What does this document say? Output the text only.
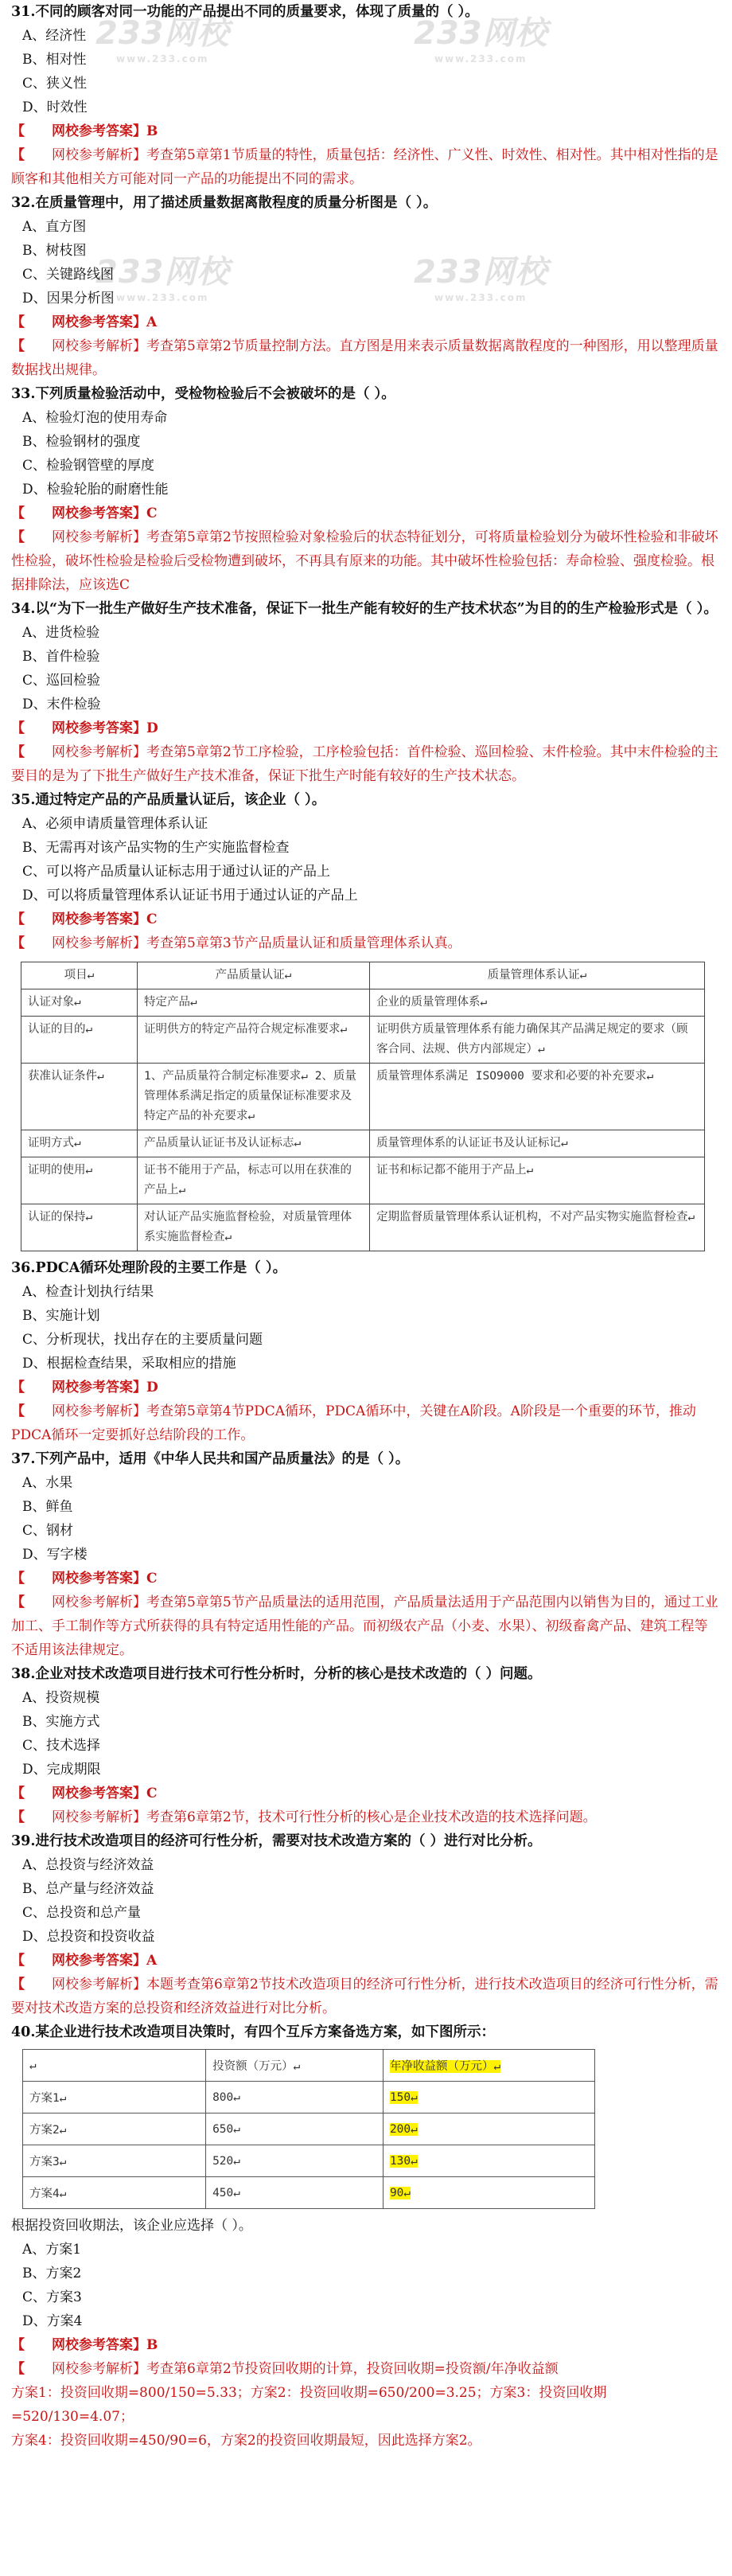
233网校
www.233.com
233网校
www.233.com
233网校
www.233.com
233网校
www.233.com

31.不同的顾客对同一功能的产品提出不同的质量要求，体现了质量的（ ）。

A、经济性

B、相对性

C、狭义性

D、时效性

【   网校参考答案】B

【   网校参考解析】考查第5章第1节质量的特性，质量包括：经济性、广义性、时效性、相对性。其中相对性指的是顾客和其他相关方可能对同一产品的功能提出不同的需求。

32.在质量管理中，用了描述质量数据离散程度的质量分析图是（ ）。

A、直方图

B、树枝图

C、关键路线图

D、因果分析图

【   网校参考答案】A

【   网校参考解析】考查第5章第2节质量控制方法。直方图是用来表示质量数据离散程度的一种图形，用以整理质量数据找出规律。

33.下列质量检验活动中，受检物检验后不会被破坏的是（ ）。

A、检验灯泡的使用寿命

B、检验钢材的强度

C、检验钢管壁的厚度

D、检验轮胎的耐磨性能

【   网校参考答案】C

【   网校参考解析】考查第5章第2节按照检验对象检验后的状态特征划分，可将质量检验划分为破坏性检验和非破坏性检验，破坏性检验是检验后受检物遭到破坏，不再具有原来的功能。其中破坏性检验包括：寿命检验、强度检验。根据排除法，应该选C

34.以“为下一批生产做好生产技术准备，保证下一批生产能有较好的生产技术状态”为目的的生产检验形式是（ ）。

A、进货检验

B、首件检验

C、巡回检验

D、末件检验

【   网校参考答案】D

【   网校参考解析】考查第5章第2节工序检验，工序检验包括：首件检验、巡回检验、末件检验。其中末件检验的主要目的是为了下批生产做好生产技术准备，保证下批生产时能有较好的生产技术状态。

35.通过特定产品的产品质量认证后，该企业（ ）。

A、必须申请质量管理体系认证

B、无需再对该产品实物的生产实施监督检查

C、可以将产品质量认证标志用于通过认证的产品上

D、可以将质量管理体系认证证书用于通过认证的产品上

【   网校参考答案】C

【   网校参考解析】考查第5章第3节产品质量认证和质量管理体系认真。

项目↵	产品质量认证↵	质量管理体系认证↵
认证对象↵	特定产品↵	企业的质量管理体系↵
认证的目的↵	证明供方的特定产品符合规定标准要求↵	证明供方质量管理体系有能力确保其产品满足规定的要求（顾客合同、法规、供方内部规定）↵
获准认证条件↵	1、产品质量符合制定标准要求↵ 2、质量管理体系满足指定的质量保证标准要求及特定产品的补充要求↵	质量管理体系满足 ISO9000 要求和必要的补充要求↵
证明方式↵	产品质量认证证书及认证标志↵	质量管理体系的认证证书及认证标记↵
证明的使用↵	证书不能用于产品，标志可以用在获准的产品上↵	证书和标记都不能用于产品上↵
认证的保持↵	对认证产品实施监督检验，对质量管理体系实施监督检查↵	定期监督质量管理体系认证机构，不对产品实物实施监督检查↵

36.PDCA循环处理阶段的主要工作是（ ）。

A、检查计划执行结果

B、实施计划

C、分析现状，找出存在的主要质量问题

D、根据检查结果，采取相应的措施

【   网校参考答案】D

【   网校参考解析】考查第5章第4节PDCA循环，PDCA循环中，关键在A阶段。A阶段是一个重要的环节，推动PDCA循环一定要抓好总结阶段的工作。

37.下列产品中，适用《中华人民共和国产品质量法》的是（ ）。

A、水果

B、鲜鱼

C、钢材

D、写字楼

【   网校参考答案】C

【   网校参考解析】考查第5章第5节产品质量法的适用范围，产品质量法适用于产品范围内以销售为目的，通过工业加工、手工制作等方式所获得的具有特定适用性能的产品。而初级农产品（小麦、水果）、初级畜禽产品、建筑工程等不适用该法律规定。

38.企业对技术改造项目进行技术可行性分析时，分析的核心是技术改造的（ ）问题。

A、投资规模

B、实施方式

C、技术选择

D、完成期限

【   网校参考答案】C

【   网校参考解析】考查第6章第2节，技术可行性分析的核心是企业技术改造的技术选择问题。

39.进行技术改造项目的经济可行性分析，需要对技术改造方案的（ ）进行对比分析。

A、总投资与经济效益

B、总产量与经济效益

C、总投资和总产量

D、总投资和投资收益

【   网校参考答案】A

【   网校参考解析】本题考查第6章第2节技术改造项目的经济可行性分析，进行技术改造项目的经济可行性分析，需要对技术改造方案的总投资和经济效益进行对比分析。

40.某企业进行技术改造项目决策时，有四个互斥方案备选方案，如下图所示：

↵	投资额（万元）↵	年净收益额（万元）↵
方案1↵	800↵	150↵
方案2↵	650↵	200↵
方案3↵	520↵	130↵
方案4↵	450↵	90↵

根据投资回收期法，该企业应选择（ ）。

A、方案1

B、方案2

C、方案3

D、方案4

【   网校参考答案】B

【   网校参考解析】考查第6章第2节投资回收期的计算，投资回收期=投资额/年净收益额

方案1：投资回收期=800/150=5.33；方案2：投资回收期=650/200=3.25；方案3：投资回收期=520/130=4.07；

方案4：投资回收期=450/90=6，方案2的投资回收期最短，因此选择方案2。
